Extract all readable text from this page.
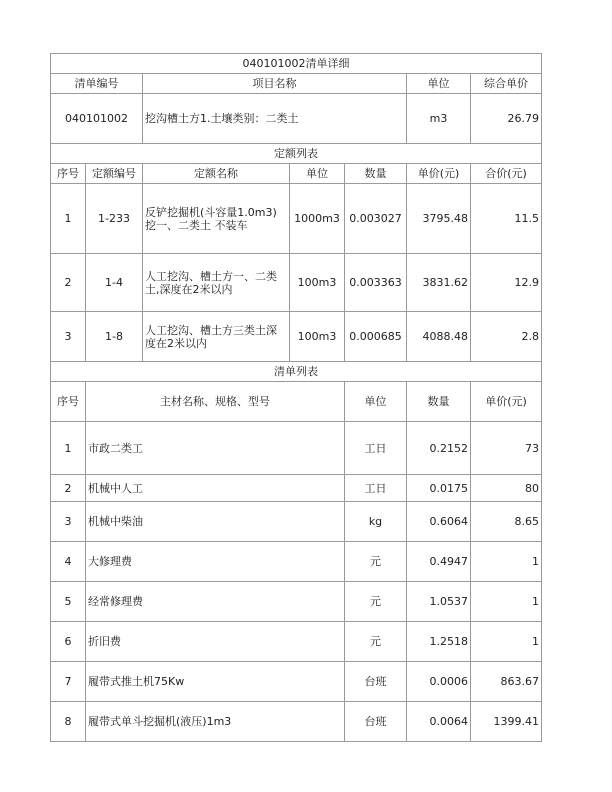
040101002清单详细							
清单编号		项目名称			单位	综合单价	
040101002		挖沟槽土方1.土壤类别：二类土			m3	26.79	
定额列表							
序号	定额编号	定额名称	单位	数量	单价(元)	合价(元)	
1	1-233	反铲挖掘机(斗容量1.0m3)挖一、二类土 不装车	1000m3	0.003027	3795.48	11.5	
2	1-4	人工挖沟、槽土方一、二类土,深度在2米以内	100m3	0.003363	3831.62	12.9	
3	1-8	人工挖沟、槽土方三类土深度在2米以内	100m3	0.000685	4088.48	2.8	
清单列表							
序号	主材名称、规格、型号			单位	数量	单价(元)	
1	市政二类工			工日	0.2152	73	
2	机械中人工			工日	0.0175	80	
3	机械中柴油			kg	0.6064	8.65	
4	大修理费			元	0.4947	1	
5	经常修理费			元	1.0537	1	
6	折旧费			元	1.2518	1	
7	履带式推土机75Kw			台班	0.0006	863.67	
8	履带式单斗挖掘机(液压)1m3			台班	0.0064	1399.41	
